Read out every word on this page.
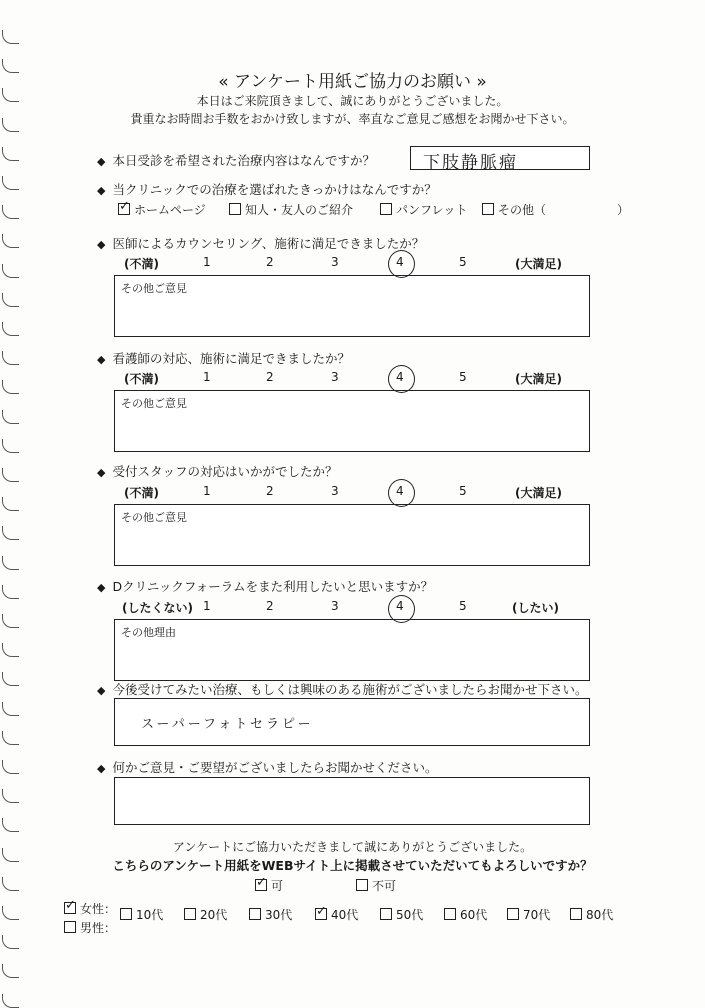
« アンケート用紙ご協力のお願い »
本日はご来院頂きまして、誠にありがとうございました。
貴重なお時間お手数をおかけ致しますが、率直なご意見ご感想をお聞かせ下さい。
◆ 本日受診を希望された治療内容はなんですか？	下肢静脈瘤
◆ 当クリニックでの治療を選ばれたきっかけはなんですか？
✓ ホームページ	知人・友人のご紹介	パンフレット	その他（	）
◆ 医師によるカウンセリング、施術に満足できましたか？
(不満)	(大満足)
1	2	3	4	5
その他ご意見
◆ 看護師の対応、施術に満足できましたか？
(不満)	(大満足)
1	2	3	4	5
その他ご意見
◆ 受付スタッフの対応はいかがでしたか？
(不満)	(大満足)
1	2	3	4	5
その他ご意見
◆ Dクリニックフォーラムをまた利用したいと思いますか？
(したくない)	(したい)
1	2	3	4	5
その他理由
◆ 今後受けてみたい治療、もしくは興味のある施術がございましたらお聞かせ下さい。
スーパーフォトセラピー
◆ 何かご意見・ご要望がございましたらお聞かせください。
アンケートにご協力いただきまして誠にありがとうございました。
こちらのアンケート用紙をWEBサイト上に掲載させていただいてもよろしいですか？
✓ 可	不可
✓ 女性：
男性：
10代	20代	30代 ✓ 40代	50代	60代	70代	80代
